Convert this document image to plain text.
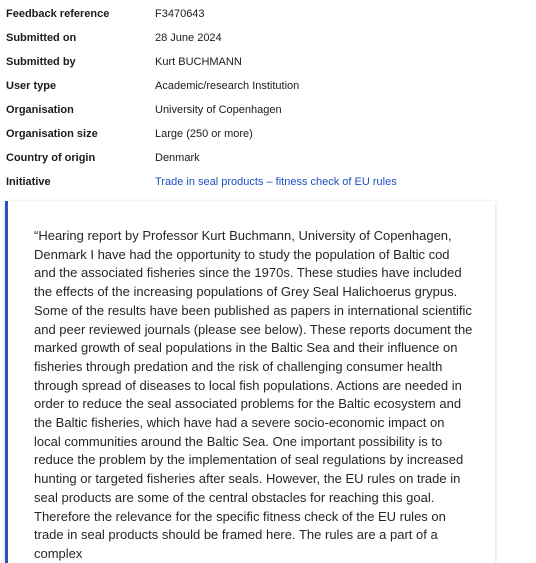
Feedback reference	F3470643
Submitted on	28 June 2024
Submitted by	Kurt BUCHMANN
User type	Academic/research Institution
Organisation	University of Copenhagen
Organisation size	Large (250 or more)
Country of origin	Denmark
Initiative	Trade in seal products – fitness check of EU rules

“Hearing report by Professor Kurt Buchmann, University of Copenhagen, Denmark I have had the opportunity to study the population of Baltic cod and the associated fisheries since the 1970s. These studies have included the effects of the increasing populations of Grey Seal Halichoerus grypus. Some of the results have been published as papers in international scientific and peer reviewed journals (please see below). These reports document the marked growth of seal populations in the Baltic Sea and their influence on fisheries through predation and the risk of challenging consumer health through spread of diseases to local fish populations. Actions are needed in order to reduce the seal associated problems for the Baltic ecosystem and the Baltic fisheries, which have had a severe socio-economic impact on local communities around the Baltic Sea. One important possibility is to reduce the problem by the implementation of seal regulations by increased hunting or targeted fisheries after seals. However, the EU rules on trade in seal products are some of the central obstacles for reaching this goal. Therefore the relevance for the specific fitness check of the EU rules on trade in seal products should be framed here. The rules are a part of a complex
